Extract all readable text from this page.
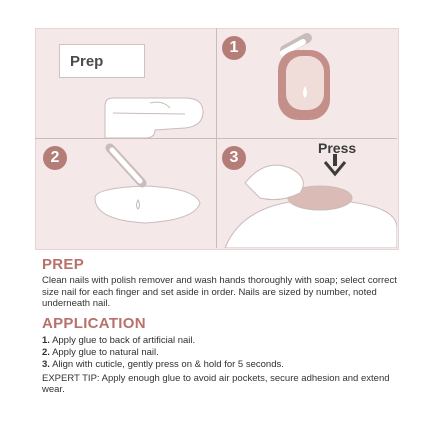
Prep
1
2	3
Press
PREP

Clean nails with polish remover and wash hands thoroughly with soap; select correct size nail for each finger and set aside in order. Nails are sized by number, noted underneath nail.

APPLICATION
1. Apply glue to back of artificial nail.
2. Apply glue to natural nail.
3. Align with cuticle, gently press on & hold for 5 seconds.

EXPERT TIP: Apply enough glue to avoid air pockets, secure adhesion and extend wear.
